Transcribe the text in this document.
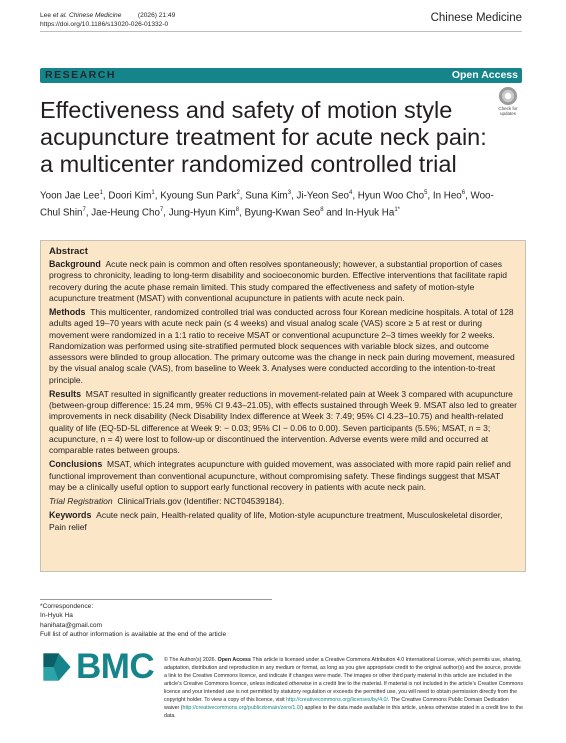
Lee et al. Chinese Medicine         (2026) 21:49
https://doi.org/10.1186/s13020-026-01332-0
Chinese Medicine
RESEARCH	Open Access
Effectiveness and safety of motion style acupuncture treatment for acute neck pain: a multicenter randomized controlled trial
Check for
updates
Yoon Jae Lee$^1$, Doori Kim$^1$, Kyoung Sun Park$^2$, Suna Kim$^3$, Ji-Yeon Seo$^4$, Hyun Woo Cho$^5$, In Heo$^6$, Woo-Chul Shin$^7$, Jae-Heung Cho$^7$, Jung-Hyun Kim$^8$, Byung-Kwan Seo$^8$ and In-Hyuk $Ha^{1*}$
Abstract

Background Acute neck pain is common and often resolves spontaneously; however, a substantial proportion of cases progress to chronicity, leading to long-term disability and socioeconomic burden. Effective interventions that facilitate rapid recovery during the acute phase remain limited. This study compared the effectiveness and safety of motion-style acupuncture treatment (MSAT) with conventional acupuncture in patients with acute neck pain.

Methods This multicenter, randomized controlled trial was conducted across four Korean medicine hospitals. A total of 128 adults aged 19–70 years with acute neck pain (≤ 4 weeks) and visual analog scale (VAS) score ≥ 5 at rest or during movement were randomized in a 1:1 ratio to receive MSAT or conventional acupuncture 2–3 times weekly for 2 weeks. Randomization was performed using site-stratified permuted block sequences with variable block sizes, and outcome assessors were blinded to group allocation. The primary outcome was the change in neck pain during movement, measured by the visual analog scale (VAS), from baseline to Week 3. Analyses were conducted according to the intention-to-treat principle.

Results MSAT resulted in significantly greater reductions in movement-related pain at Week 3 compared with acupuncture (between-group difference: 15.24 mm, 95% CI 9.43–21.05), with effects sustained through Week 9. MSAT also led to greater improvements in neck disability (Neck Disability Index difference at Week 3: 7.49; 95% CI 4.23–10.75) and health-related quality of life (EQ-5D-5L difference at Week 9: − 0.03; 95% CI − 0.06 to 0.00). Seven participants (5.5%; MSAT, n = 3; acupuncture, n = 4) were lost to follow-up or discontinued the intervention. Adverse events were mild and occurred at comparable rates between groups.

Conclusions MSAT, which integrates acupuncture with guided movement, was associated with more rapid pain relief and functional improvement than conventional acupuncture, without compromising safety. These findings suggest that MSAT may be a clinically useful option to support early functional recovery in patients with acute neck pain.

Trial Registration ClinicalTrials.gov (Identifier: NCT04539184).

Keywords Acute neck pain, Health-related quality of life, Motion-style acupuncture treatment, Musculoskeletal disorder, Pain relief

*Correspondence:
In-Hyuk Ha
hanihata@gmail.com
Full list of author information is available at the end of the article
BMC © The Author(s) 2026. Open Access This article is licensed under a Creative Commons Attribution 4.0 International License, which permits use, sharing, adaptation, distribution and reproduction in any medium or format, as long as you give appropriate credit to the original author(s) and the source, provide a link to the Creative Commons licence, and indicate if changes were made. The images or other third party material in this article are included in the article’s Creative Commons licence, unless indicated otherwise in a credit line to the material. If material is not included in the article’s Creative Commons licence and your intended use is not permitted by statutory regulation or exceeds the permitted use, you will need to obtain permission directly from the copyright holder. To view a copy of this licence, visit http://creativecommons.org/licenses/by/4.0/. The Creative Commons Public Domain Dedication waiver (http://creativecommons.org/publicdomain/zero/1.0/) applies to the data made available in this article, unless otherwise stated in a credit line to the data.
